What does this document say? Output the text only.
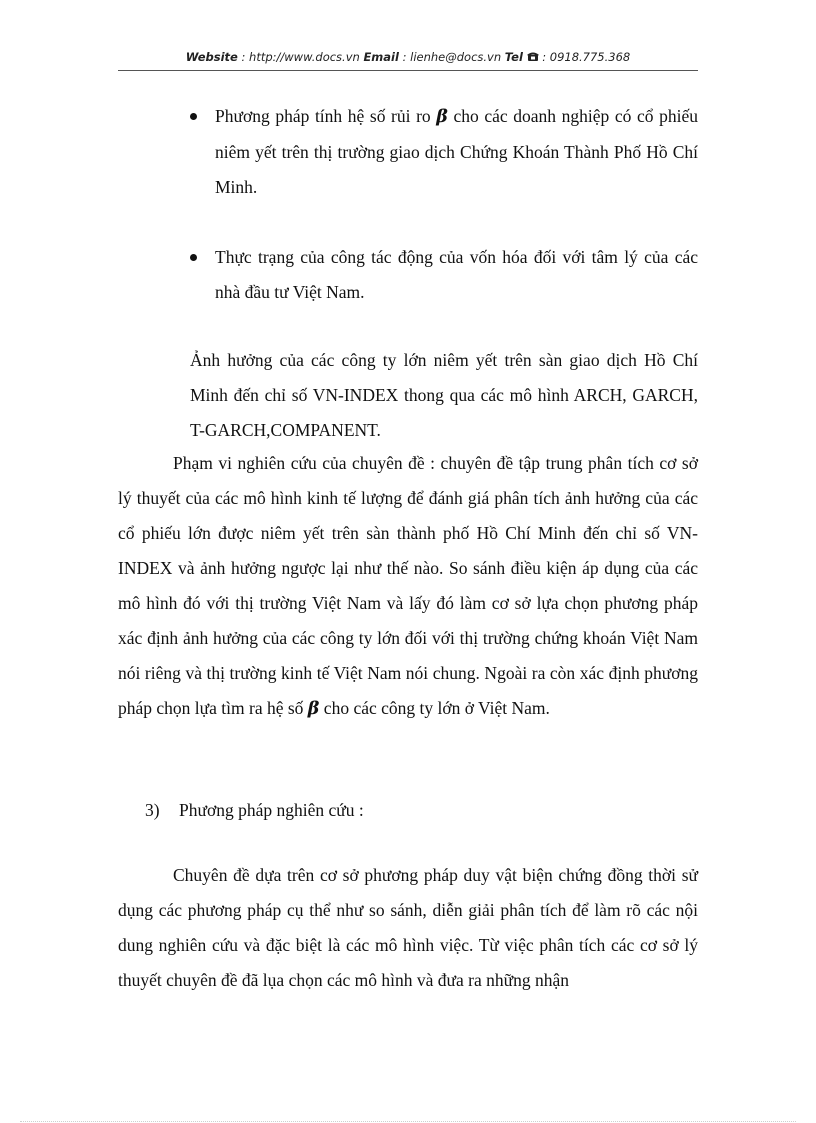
Website : http://www.docs.vn Email : lienhe@docs.vn Tel  : 0918.775.368
Phương pháp tính hệ số rủi ro β cho các doanh nghiệp có cổ phiếu niêm yết trên thị trường giao dịch Chứng Khoán Thành Phố Hồ Chí Minh.
Thực trạng của công tác động của vốn hóa đối với tâm lý của các nhà đầu tư Việt Nam.
Ảnh hưởng của các công ty lớn niêm yết trên sàn giao dịch Hồ Chí Minh đến chỉ số VN-INDEX thong qua các mô hình ARCH, GARCH, T-GARCH,COMPANENT.
Phạm vi nghiên cứu của chuyên đề : chuyên đề tập trung phân tích cơ sở lý thuyết của các mô hình kinh tế lượng để đánh giá phân tích ảnh hưởng của các cổ phiếu lớn được niêm yết trên sàn thành phố Hồ Chí Minh đến chỉ số VN-INDEX và ảnh hưởng ngược lại như thế nào. So sánh điều kiện áp dụng của các mô hình đó với thị trường Việt Nam và lấy đó làm cơ sở lựa chọn phương pháp xác định ảnh hưởng của các công ty lớn đối với thị trường chứng khoán Việt Nam nói riêng và thị trường kinh tế Việt Nam nói chung. Ngoài ra còn xác định phương pháp chọn lựa tìm ra hệ số β cho các công ty lớn ở Việt Nam.
3) Phương pháp nghiên cứu :
Chuyên đề dựa trên cơ sở phương pháp duy vật biện chứng đồng thời sử dụng các phương pháp cụ thể như so sánh, diễn giải phân tích để làm rõ các nội dung nghiên cứu và đặc biệt là các mô hình việc. Từ việc phân tích các cơ sở lý thuyết chuyên đề đã lụa chọn các mô hình và đưa ra những nhận
